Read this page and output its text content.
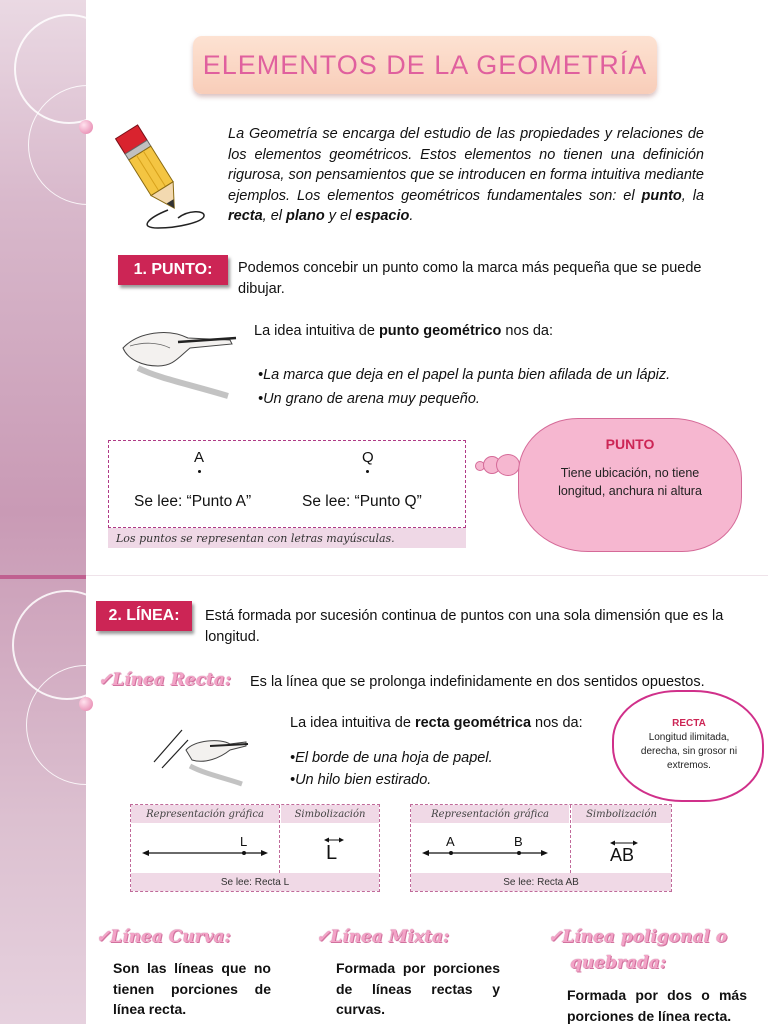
ELEMENTOS DE LA GEOMETRÍA

La Geometría se encarga del estudio de las propiedades y relaciones de los elementos geométricos. Estos elementos no tienen una definición rigurosa, son pensamientos que se introducen en forma intuitiva mediante ejemplos. Los elementos geométricos fundamentales son: el punto, la recta, el plano y el espacio.

1. PUNTO:	Podemos concebir un punto como la marca más pequeña que se puede dibujar.

La idea intuitiva de punto geométrico nos da:

•La marca que deja en el papel la punta bien afilada de un lápiz.

•Un grano de arena muy pequeño.

A	Q
Se lee: “Punto A”	Se lee: “Punto Q”
Los puntos se representan con letras mayúsculas.
PUNTO
Tiene ubicación, no tiene longitud, anchura ni altura
2. LÍNEA:	Está formada por sucesión continua de puntos con una sola dimensión que es la longitud.

✓Línea Recta: Es la línea que se prolonga indefinidamente en dos sentidos opuestos.

La idea intuitiva de recta geométrica nos da:

•El borde de una hoja de papel.

•Un hilo bien estirado.

RECTA
Longitud ilimitada, derecha, sin grosor ni extremos.
Representación gráfica	Simbolización
L
L
Se lee: Recta L
Representación gráfica	Simbolización
A	B
AB
Se lee: Recta AB
✓Línea Curva:

Son las líneas que no tienen porciones de línea recta.

✓Línea Mixta:

Formada por porciones de líneas rectas y curvas.

✓Línea poligonal o
quebrada:

Formada por dos o más porciones de línea recta.
